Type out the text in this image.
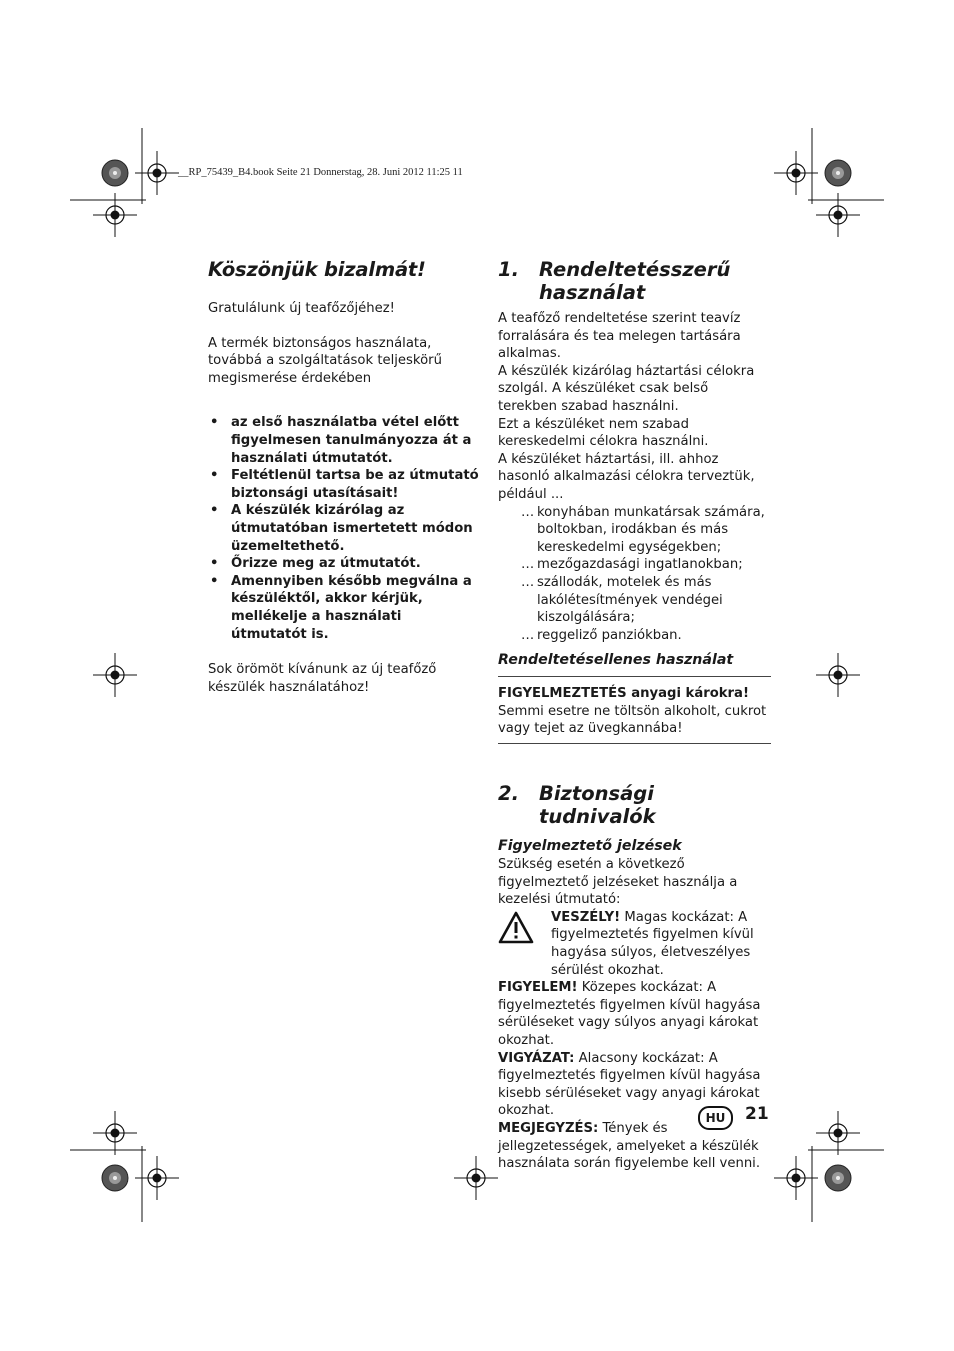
__RP_75439_B4.book Seite 21 Donnerstag, 28. Juni 2012 11:25 11
Köszönjük bizalmát!

Gratulálunk új teafőzőjéhez!

A termék biztonságos használata, továbbá a szolgáltatások teljeskörű megismerése érdekében

• az első használatba vétel előtt figyelmesen tanulmányozza át a használati útmutatót.
• Feltétlenül tartsa be az útmutató biztonsági utasításait!
• A készülék kizárólag az útmutatóban ismertetett módon üzemeltethető.
• Őrizze meg az útmutatót.
• Amennyiben később megválna a készüléktől, akkor kérjük, mellékelje a használati útmutatót is.

Sok örömöt kívánunk az új teafőző készülék használatához!

1.	Rendeltetésszerű használat

A teafőző rendeltetése szerint teavíz forralására és tea melegen tartására alkalmas.

A készülék kizárólag háztartási célokra szolgál. A készüléket csak belső terekben szabad használni.

Ezt a készüléket nem szabad kereskedelmi célokra használni.

A készüléket háztartási, ill. ahhoz hasonló alkalmazási célokra terveztük, például ...

… konyhában munkatársak számára, boltokban, irodákban és más kereskedelmi egységekben;
… mezőgazdasági ingatlanokban;
… szállodák, motelek és más lakólétesítmények vendégei kiszolgálására;
… reggeliző panziókban.
Rendeltetésellenes használat

FIGYELMEZTETÉS anyagi károkra!

Semmi esetre ne töltsön alkoholt, cukrot vagy tejet az üvegkannába!

2.	Biztonsági tudnivalók
Figyelmeztető jelzések

Szükség esetén a következő figyelmeztető jelzéseket használja a kezelési útmutató:

VESZÉLY! Magas kockázat: A figyelmeztetés figyelmen kívül hagyása súlyos, életveszélyes sérülést okozhat.

FIGYELEM! Közepes kockázat: A figyelmeztetés figyelmen kívül hagyása sérüléseket vagy súlyos anyagi károkat okozhat.

VIGYÁZAT: Alacsony kockázat: A figyelmeztetés figyelmen kívül hagyása kisebb sérüléseket vagy anyagi károkat okozhat.

MEGJEGYZÉS: Tények és jellegzetességek, amelyeket a készülék használata során figyelembe kell venni.

HU	21
